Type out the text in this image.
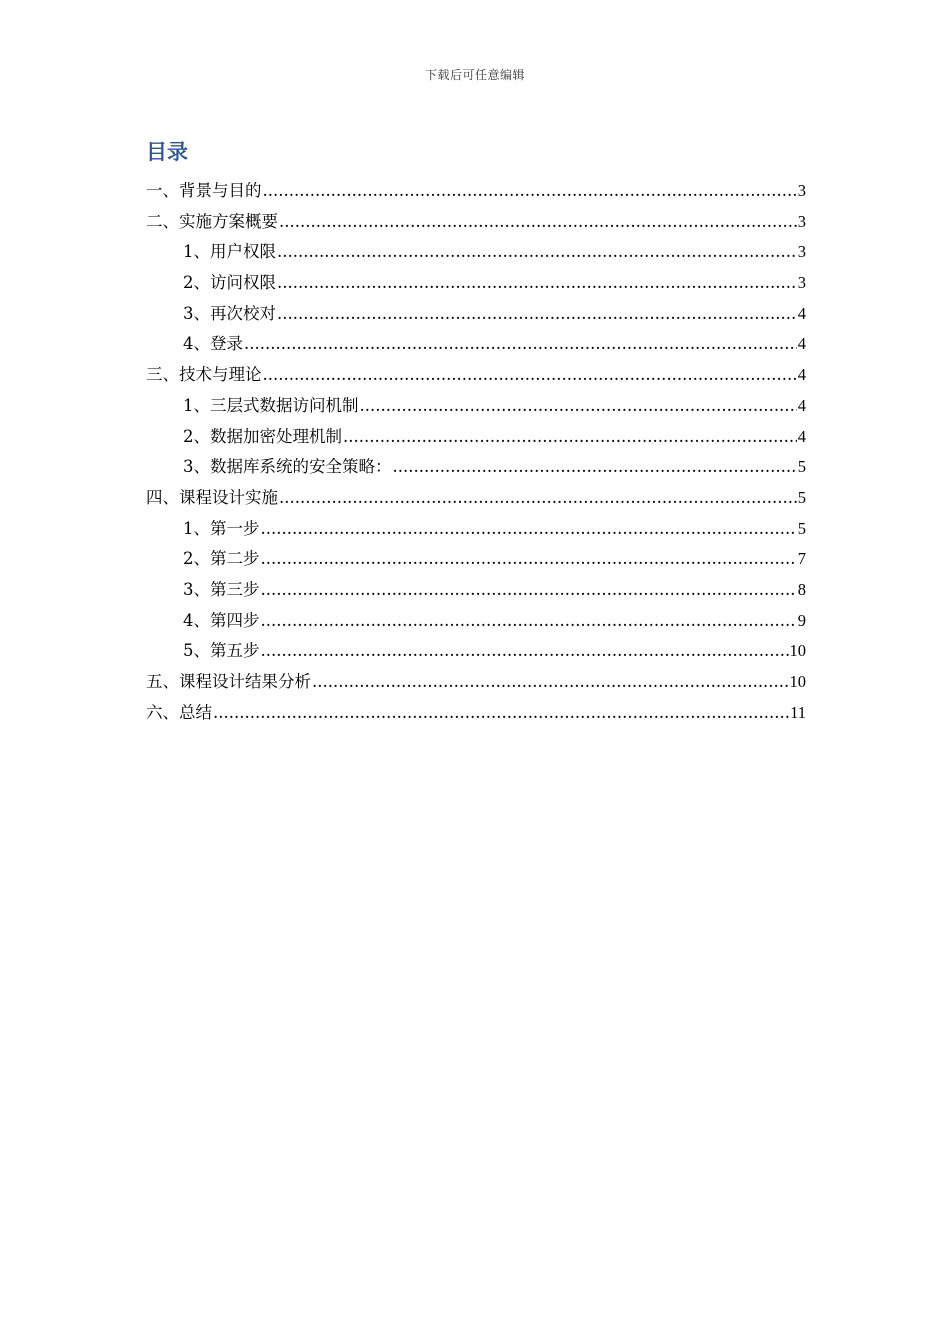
下载后可任意编辑
目录
一、背景与目的 .....	3
二、实施方案概要 .....	3
1、用户权限 .....	3
2、访问权限 .....	3
3、再次校对 .....	4
4、登录 .....	4
三、技术与理论 .....	4
1、三层式数据访问机制 .....	4
2、数据加密处理机制 .....	4
3、数据库系统的安全策略： .....	5
四、课程设计实施 .....	5
1、第一步 .....	5
2、第二步 .....	7
3、第三步 .....	8
4、第四步 .....	9
5、第五步 .....	10
五、课程设计结果分析 .....	10
六、总结 .....	11
